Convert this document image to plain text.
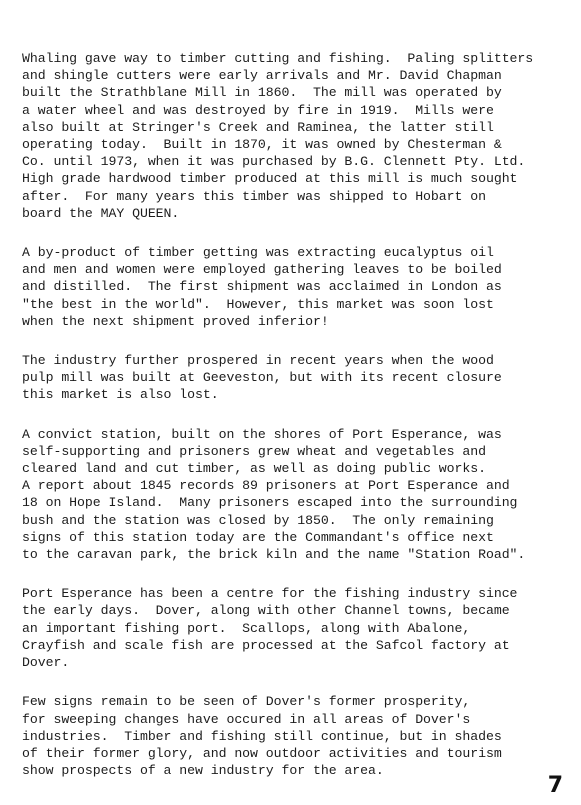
Whaling gave way to timber cutting and fishing.  Paling splitters
and shingle cutters were early arrivals and Mr. David Chapman
built the Strathblane Mill in 1860.  The mill was operated by
a water wheel and was destroyed by fire in 1919.  Mills were
also built at Stringer's Creek and Raminea, the latter still
operating today.  Built in 1870, it was owned by Chesterman &
Co. until 1973, when it was purchased by B.G. Clennett Pty. Ltd.
High grade hardwood timber produced at this mill is much sought
after.  For many years this timber was shipped to Hobart on
board the MAY QUEEN.
A by-product of timber getting was extracting eucalyptus oil
and men and women were employed gathering leaves to be boiled
and distilled.  The first shipment was acclaimed in London as
"the best in the world".  However, this market was soon lost
when the next shipment proved inferior!
The industry further prospered in recent years when the wood
pulp mill was built at Geeveston, but with its recent closure
this market is also lost.
A convict station, built on the shores of Port Esperance, was
self-supporting and prisoners grew wheat and vegetables and
cleared land and cut timber, as well as doing public works.
A report about 1845 records 89 prisoners at Port Esperance and
18 on Hope Island.  Many prisoners escaped into the surrounding
bush and the station was closed by 1850.  The only remaining
signs of this station today are the Commandant's office next
to the caravan park, the brick kiln and the name "Station Road".
Port Esperance has been a centre for the fishing industry since
the early days.  Dover, along with other Channel towns, became
an important fishing port.  Scallops, along with Abalone,
Crayfish and scale fish are processed at the Safcol factory at
Dover.
Few signs remain to be seen of Dover's former prosperity,
for sweeping changes have occured in all areas of Dover's
industries.  Timber and fishing still continue, but in shades
of their former glory, and now outdoor activities and tourism
show prospects of a new industry for the area.
7
